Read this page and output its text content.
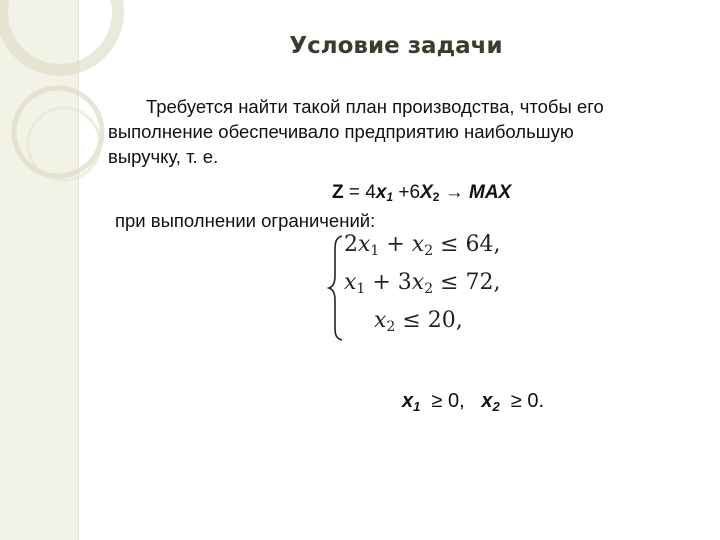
Условие задачи

Требуется найти такой план производства, чтобы его

выполнение обеспечивало предприятию наибольшую

выручку, т. е.

$Z = 4x_1 +6X_2$ → MAX
при выполнении ограничений:
$2x_1 + x_2 \le 64$,
$x_1 + 3x_2 \le 72$,
$x_2 \le 20$,
$x_1 \ge 0$,   $x_2 \ge 0$.
